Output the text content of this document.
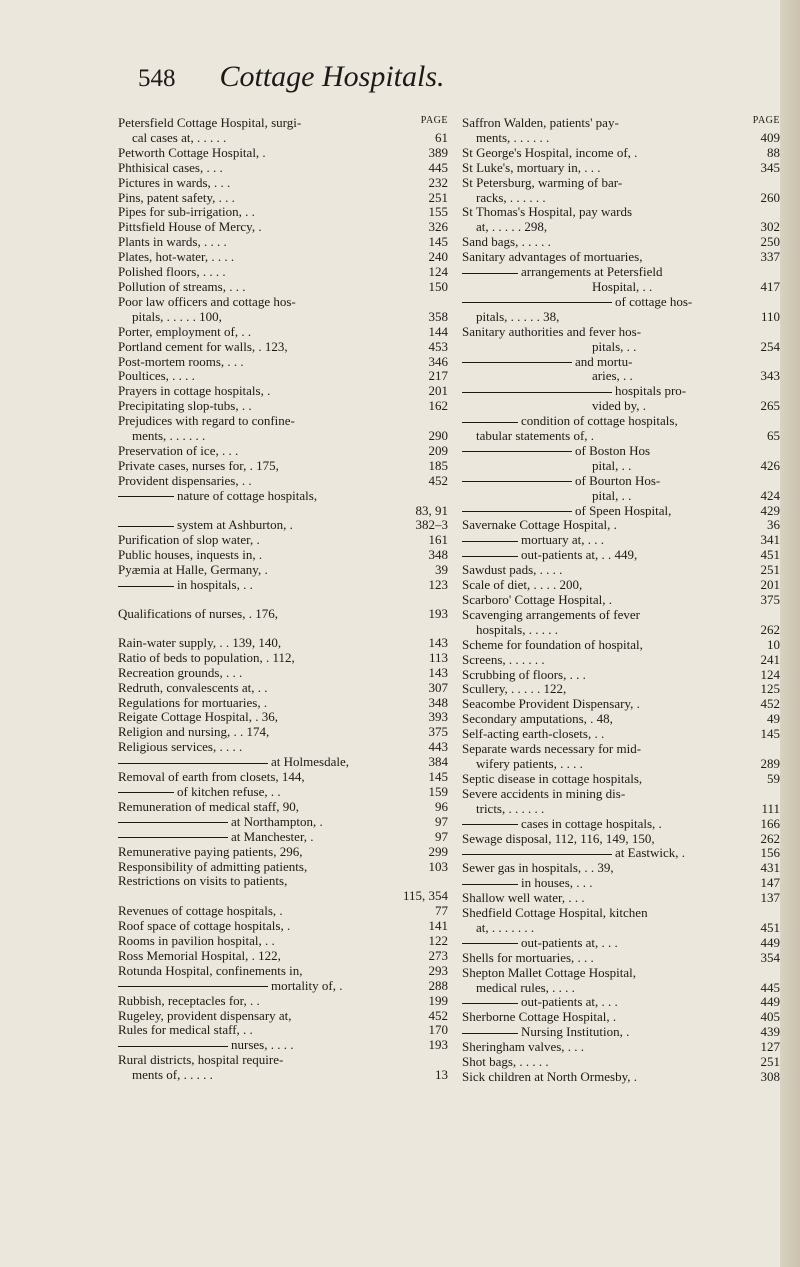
548 Cottage Hospitals.
PAGE
Petersfield Cottage Hospital, surgi-
cal cases at, . . . . .	61
Petworth Cottage Hospital, .	389
Phthisical cases, . . .	445
Pictures in wards, . . .	232
Pins, patent safety, . . .	251
Pipes for sub-irrigation, . .	155
Pittsfield House of Mercy, .	326
Plants in wards, . . . .	145
Plates, hot-water, . . . .	240
Polished floors, . . . .	124
Pollution of streams, . . .	150
Poor law officers and cottage hos-
pitals, . . . . . 100,	358
Porter, employment of, . .	144
Portland cement for walls, . 123,	453
Post-mortem rooms, . . .	346
Poultices, . . . .	217
Prayers in cottage hospitals, .	201
Precipitating slop-tubs, . .	162
Prejudices with regard to confine-
ments, . . . . . .	290
Preservation of ice, . . .	209
Private cases, nurses for, . 175,	185
Provident dispensaries, . .	452
nature of cottage hospitals,
83, 91
system at Ashburton, .	382–3
Purification of slop water, .	161
Public houses, inquests in, .	348
Pyæmia at Halle, Germany, .	39
in hospitals, . .	123
Qualifications of nurses, . 176,	193
Rain-water supply, . . 139, 140,	143
Ratio of beds to population, . 112,	113
Recreation grounds, . . .	143
Redruth, convalescents at, . .	307
Regulations for mortuaries, .	348
Reigate Cottage Hospital, . 36,	393
Religion and nursing, . . 174,	375
Religious services, . . . .	443
at Holmesdale,	384
Removal of earth from closets, 144,	145
of kitchen refuse, . .	159
Remuneration of medical staff, 90,	96
at Northampton, .	97
at Manchester, .	97
Remunerative paying patients, 296,	299
Responsibility of admitting patients,	103
Restrictions on visits to patients,
115, 354
Revenues of cottage hospitals, .	77
Roof space of cottage hospitals, .	141
Rooms in pavilion hospital, . .	122
Ross Memorial Hospital, . 122,	273
Rotunda Hospital, confinements in,	293
mortality of, .	288
Rubbish, receptacles for, . .	199
Rugeley, provident dispensary at,	452
Rules for medical staff, . .	170
nurses, . . . .	193
Rural districts, hospital require-
ments of, . . . . .	13
PAGE
Saffron Walden, patients' pay-
ments, . . . . . .	409
St George's Hospital, income of, .	88
St Luke's, mortuary in, . . .	345
St Petersburg, warming of bar-
racks, . . . . . .	260
St Thomas's Hospital, pay wards
at, . . . . . 298,	302
Sand bags, . . . . .	250
Sanitary advantages of mortuaries,	337
arrangements at Petersfield
Hospital, . .	417
of cottage hos-
pitals, . . . . . 38,	110
Sanitary authorities and fever hos-
pitals, . .	254
and mortu-
aries, . .	343
hospitals pro-
vided by, .	265
condition of cottage hospitals,
tabular statements of, .	65
of Boston Hos
pital, . .	426
of Bourton Hos-
pital, . .	424
of Speen Hospital,	429
Savernake Cottage Hospital, .	36
mortuary at, . . .	341
out-patients at, . . 449,	451
Sawdust pads, . . . .	251
Scale of diet, . . . . 200,	201
Scarboro' Cottage Hospital, .	375
Scavenging arrangements of fever
hospitals, . . . . .	262
Scheme for foundation of hospital,	10
Screens, . . . . . .	241
Scrubbing of floors, . . .	124
Scullery, . . . . . 122,	125
Seacombe Provident Dispensary, .	452
Secondary amputations, . 48,	49
Self-acting earth-closets, . .	145
Separate wards necessary for mid-
wifery patients, . . . .	289
Septic disease in cottage hospitals,	59
Severe accidents in mining dis-
tricts, . . . . . .	111
cases in cottage hospitals, .	166
Sewage disposal, 112, 116, 149, 150,	262
at Eastwick, .	156
Sewer gas in hospitals, . . 39,	431
in houses, . . .	147
Shallow well water, . . .	137
Shedfield Cottage Hospital, kitchen
at, . . . . . . .	451
out-patients at, . . .	449
Shells for mortuaries, . . .	354
Shepton Mallet Cottage Hospital,
medical rules, . . . .	445
out-patients at, . . .	449
Sherborne Cottage Hospital, .	405
Nursing Institution, .	439
Sheringham valves, . . .	127
Shot bags, . . . . .	251
Sick children at North Ormesby, .	308
